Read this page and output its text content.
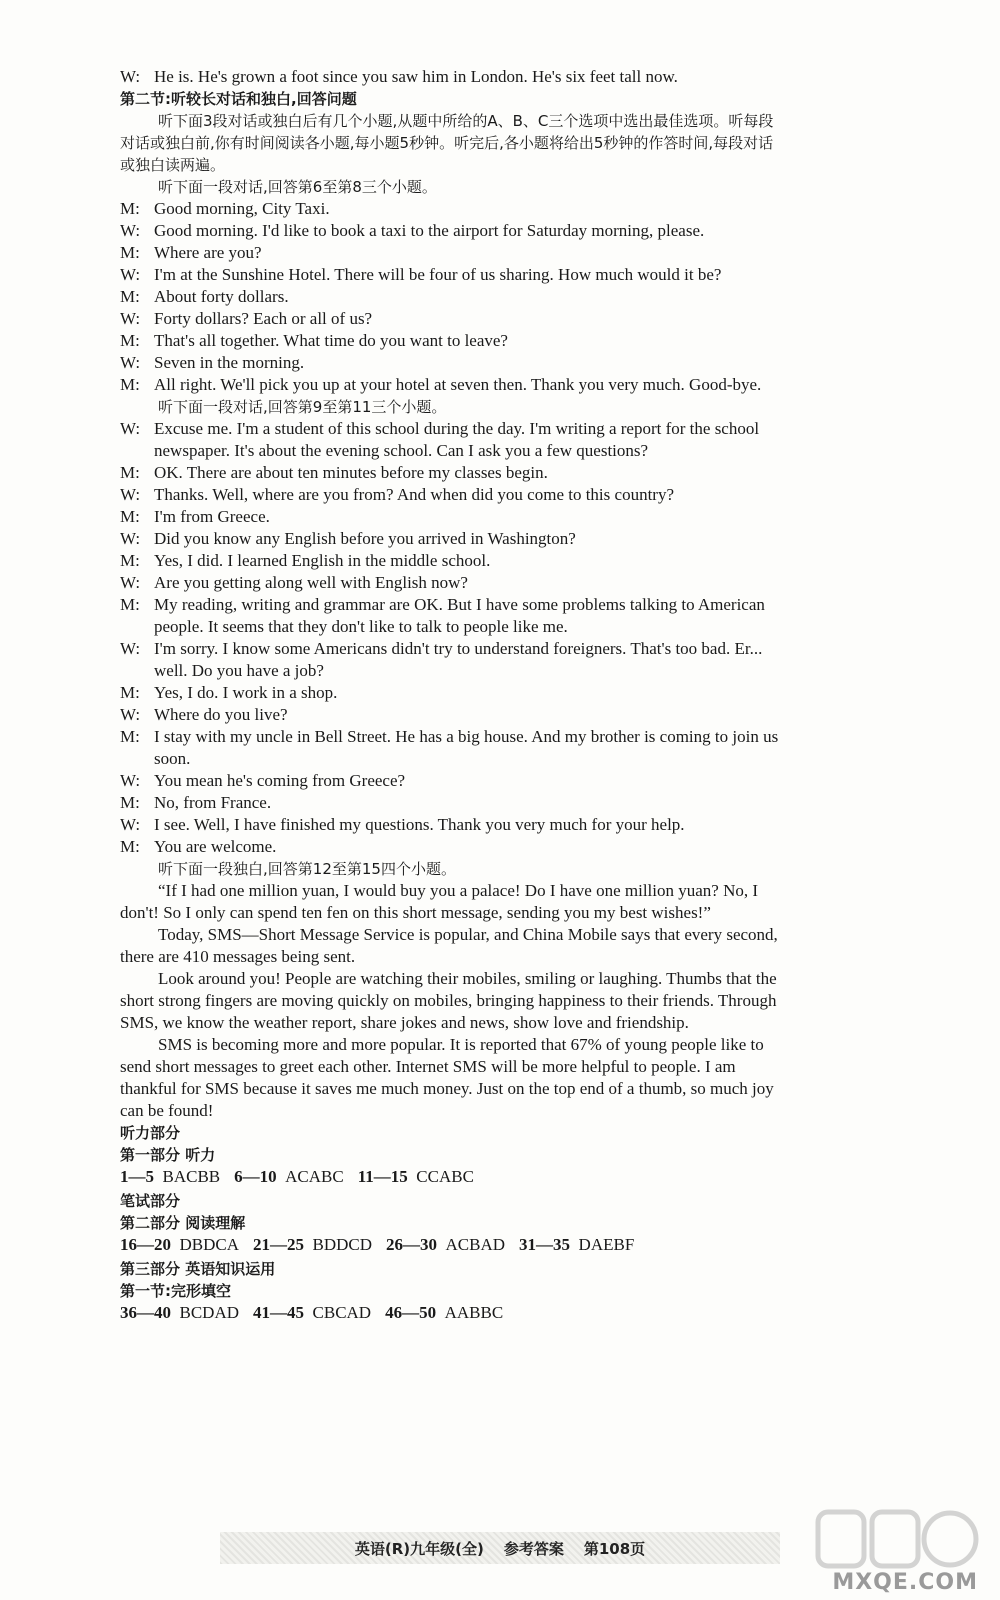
W: He is. He's grown a foot since you saw him in London. He's six feet tall now.
第二节:听较长对话和独白,回答问题
听下面3段对话或独白后有几个小题,从题中所给的A、B、C三个选项中选出最佳选项。听每段对话或独白前,你有时间阅读各小题,每小题5秒钟。听完后,各小题将给出5秒钟的作答时间,每段对话或独白读两遍。
听下面一段对话,回答第6至第8三个小题。
M: Good morning, City Taxi.
W: Good morning. I'd like to book a taxi to the airport for Saturday morning, please.
M: Where are you?
W: I'm at the Sunshine Hotel. There will be four of us sharing. How much would it be?
M: About forty dollars.
W: Forty dollars? Each or all of us?
M: That's all together. What time do you want to leave?
W: Seven in the morning.
M: All right. We'll pick you up at your hotel at seven then. Thank you very much. Good-bye.
听下面一段对话,回答第9至第11三个小题。
W: Excuse me. I'm a student of this school during the day. I'm writing a report for the school newspaper. It's about the evening school. Can I ask you a few questions?
M: OK. There are about ten minutes before my classes begin.
W: Thanks. Well, where are you from? And when did you come to this country?
M: I'm from Greece.
W: Did you know any English before you arrived in Washington?
M: Yes, I did. I learned English in the middle school.
W: Are you getting along well with English now?
M: My reading, writing and grammar are OK. But I have some problems talking to American people. It seems that they don't like to talk to people like me.
W: I'm sorry. I know some Americans didn't try to understand foreigners. That's too bad. Er... well. Do you have a job?
M: Yes, I do. I work in a shop.
W: Where do you live?
M: I stay with my uncle in Bell Street. He has a big house. And my brother is coming to join us soon.
W: You mean he's coming from Greece?
M: No, from France.
W: I see. Well, I have finished my questions. Thank you very much for your help.
M: You are welcome.
听下面一段独白,回答第12至第15四个小题。
“If I had one million yuan, I would buy you a palace! Do I have one million yuan? No, I don't! So I only can spend ten fen on this short message, sending you my best wishes!”
Today, SMS—Short Message Service is popular, and China Mobile says that every second, there are 410 messages being sent.
Look around you! People are watching their mobiles, smiling or laughing. Thumbs that the short strong fingers are moving quickly on mobiles, bringing happiness to their friends. Through SMS, we know the weather report, share jokes and news, show love and friendship.
SMS is becoming more and more popular. It is reported that 67% of young people like to send short messages to greet each other. Internet SMS will be more helpful to people. I am thankful for SMS because it saves me much money. Just on the top end of a thumb, so much joy can be found!
听力部分
第一部分 听力
1—5 BACBB 6—10 ACABC 11—15 CCABC
笔试部分
第二部分 阅读理解
16—20 DBDCA 21—25 BDDCD 26—30 ACBAD 31—35 DAEBF
第三部分 英语知识运用
第一节:完形填空
36—40 BCDAD 41—45 CBCAD 46—50 AABBC
英语(R)九年级(全) 参考答案 第108页
MXQE.COM
